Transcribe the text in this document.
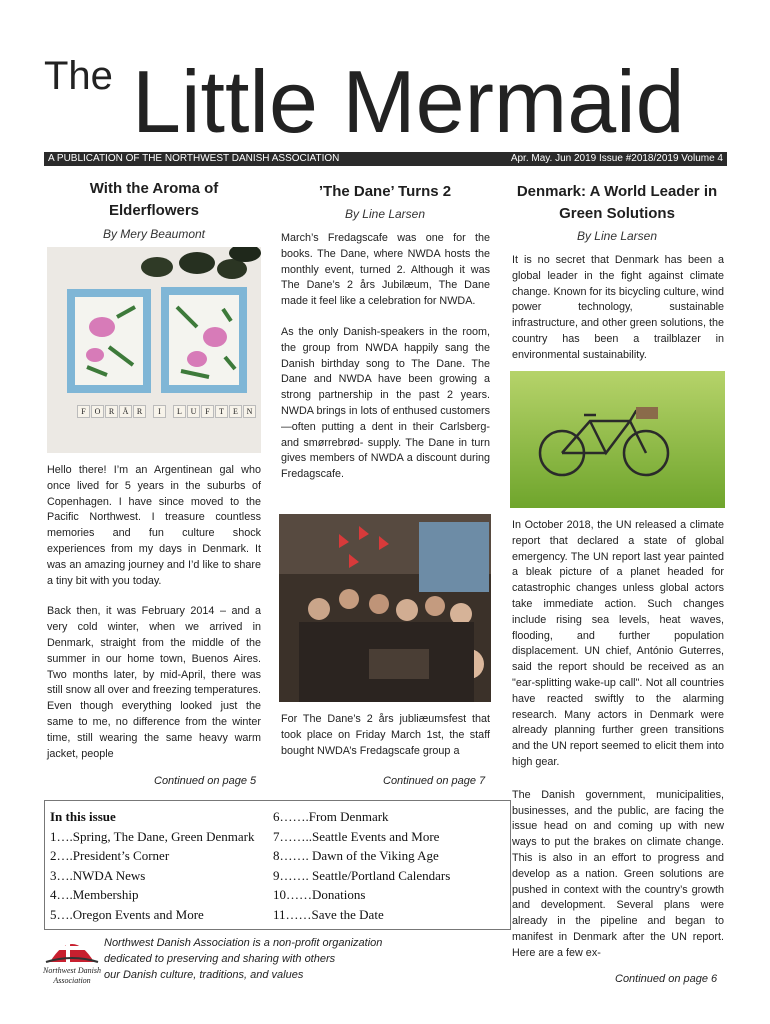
The Little Mermaid
A PUBLICATION OF THE NORTHWEST DANISH ASSOCIATION	Apr. May. Jun 2019 Issue #2018/2019 Volume 4
With the Aroma of Elderflowers
By Mery Beaumont
F	O	R	Å	R	I	L	U	F	T	E	N

Hello there! I’m an Argentinean gal who once lived for 5 years in the suburbs of Copenhagen. I have since moved to the Pacific Northwest. I treasure countless memories and fun culture shock experiences from my days in Denmark. It was an amazing journey and I’d like to share a tiny bit with you today.

Back then, it was February 2014 – and a very cold winter, when we arrived in Denmark, straight from the middle of the summer in our home town, Buenos Aires. Two months later, by mid-April, there was still snow all over and freezing temperatures. Even though everything looked just the same to me, no difference from the winter time, still wearing the same heavy warm jacket, people

Continued on page 5
’The Dane’ Turns 2
By Line Larsen

March’s Fredagscafe was one for the books. The Dane, where NWDA hosts the monthly event, turned 2. Although it was The Dane’s 2 års Jubilæum, The Dane made it feel like a celebration for NWDA.

As the only Danish-speakers in the room, the group from NWDA happily sang the Danish birthday song to The Dane. The Dane and NWDA have been growing a strong partnership in the past 2 years. NWDA brings in lots of enthused customers—often putting a dent in their Carlsberg- and smørrebrød- supply. The Dane in turn gives members of NWDA a discount during Fredagscafe.

For The Dane’s 2 års jubliæumsfest that took place on Friday March 1st, the staff bought NWDA’s Fredagscafe group a

Continued on page 7
Denmark: A World Leader in Green Solutions
By Line Larsen

It is no secret that Denmark has been a global leader in the fight against climate change. Known for its bicycling culture, wind power technology, sustainable infrastructure, and other green solutions, the country has been a trailblazer in environmental sustainability.

In October 2018, the UN released a climate report that declared a state of global emergency. The UN report last year painted a bleak picture of a planet headed for catastrophic changes unless global actors take immediate action. Such changes include rising sea levels, heat waves, flooding, and further population displacement. UN chief, António Guterres, said the report should be received as an "ear-splitting wake-up call". Not all countries have reacted swiftly to the alarming research. Many actors in Denmark were already planning further green transitions and the UN report seemed to elicit them into high gear.

The Danish government, municipalities, businesses, and the public, are facing the issue head on and coming up with new ways to put the brakes on climate change. This is also in an effort to progress and develop as a nation. Green solutions are pushed in context with the country’s growth and development. Several plans were already in the pipeline and began to manifest in Denmark after the UN report. Here are a few ex-

Continued on page 6
In this issue
1….Spring, The Dane, Green Denmark
2….President’s Corner
3….NWDA News
4….Membership
5….Oregon Events and More
6…….From Denmark
7……..Seattle Events and More
8……. Dawn of the Viking Age
9……. Seattle/Portland Calendars
10……Donations
11……Save the Date
Northwest Danish Association
Northwest Danish Association is a non-profit organization
dedicated to preserving and sharing with others
our Danish culture, traditions, and values
